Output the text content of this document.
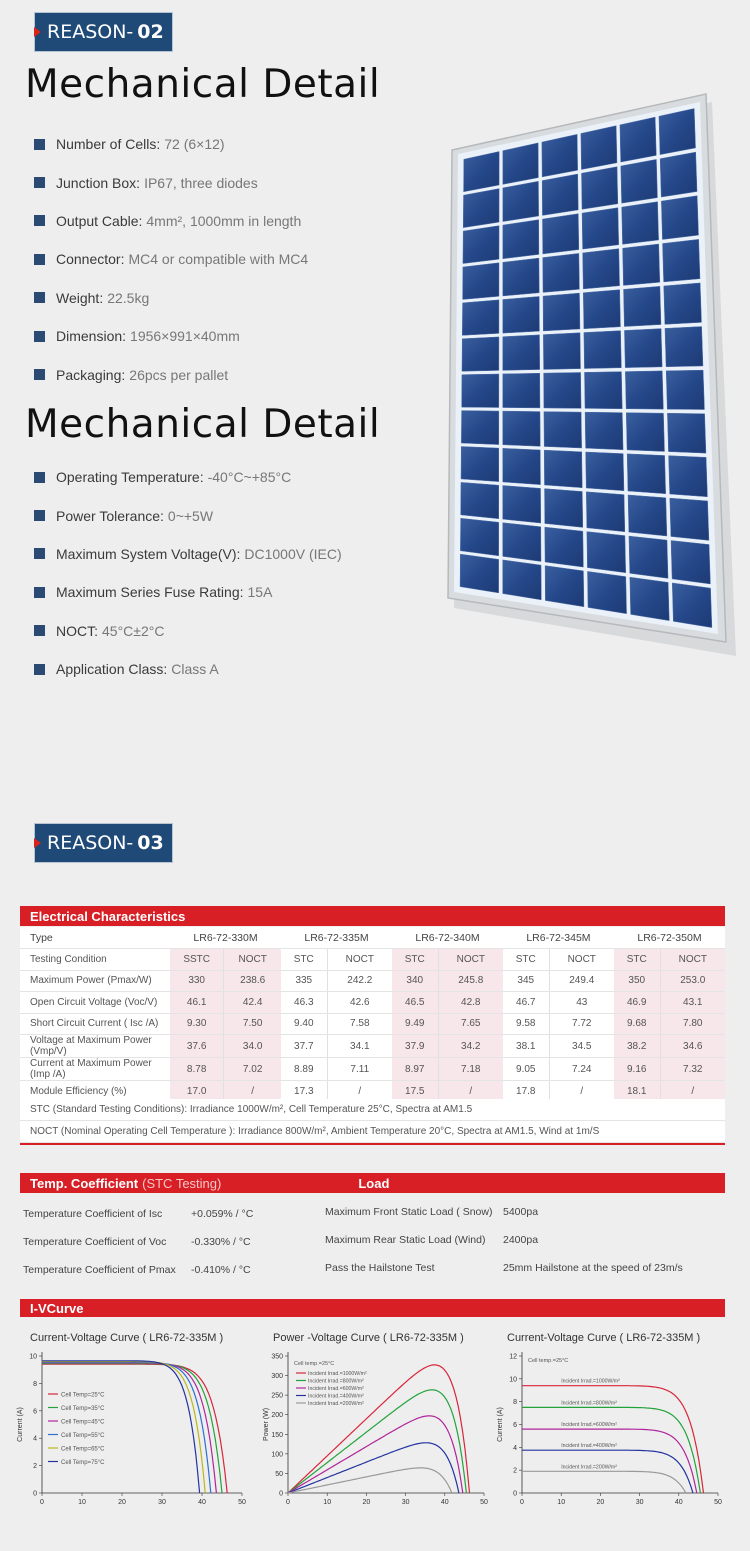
REASON- 02
Mechanical Detail
Number of Cells: 72 (6×12)
Junction Box: IP67, three diodes
Output Cable: 4mm², 1000mm in length
Connector: MC4 or compatible with MC4
Weight: 22.5kg
Dimension: 1956×991×40mm
Packaging: 26pcs per pallet
Mechanical Detail
Operating Temperature: -40°C~+85°C
Power Tolerance: 0~+5W
Maximum System Voltage(V): DC1000V (IEC)
Maximum Series Fuse Rating: 15A
NOCT: 45°C±2°C
Application Class: Class A
REASON- 03
Electrical Characteristics
Type	LR6-72-330M		LR6-72-335M		LR6-72-340M		LR6-72-345M		LR6-72-350M	
Testing Condition	SSTC	NOCT	STC	NOCT	STC	NOCT	STC	NOCT	STC	NOCT
Maximum Power (Pmax/W)	330	238.6	335	242.2	340	245.8	345	249.4	350	253.0
Open Circuit Voltage (Voc/V)	46.1	42.4	46.3	42.6	46.5	42.8	46.7	43	46.9	43.1
Short Circuit Current ( Isc /A)	9.30	7.50	9.40	7.58	9.49	7.65	9.58	7.72	9.68	7.80
Voltage at Maximum Power (Vmp/V)	37.6	34.0	37.7	34.1	37.9	34.2	38.1	34.5	38.2	34.6
Current at Maximum Power (Imp /A)	8.78	7.02	8.89	7.11	8.97	7.18	9.05	7.24	9.16	7.32
Module Efficiency (%)	17.0	/	17.3	/	17.5	/	17.8	/	18.1	/
STC (Standard Testing Conditions): Irradiance 1000W/m², Cell Temperature 25°C, Spectra at AM1.5
NOCT (Nominal Operating Cell Temperature ): Irradiance 800W/m², Ambient Temperature 20°C, Spectra at AM1.5, Wind at 1m/S
Temp. Coefficient (STC Testing)	Load
Temperature Coefficient of Isc	+0.059% / °C
Temperature Coefficient of Voc -0.330% / °C
Temperature Coefficient of Pmax -0.410% / °C
Maximum Front Static Load ( Snow) 5400pa
Maximum Rear Static Load (Wind) 2400pa
Pass the Hailstone Test	25mm Hailstone at the speed of 23m/s
I-VCurve
Current-Voltage Curve ( LR6-72-335M )	Power -Voltage Curve ( LR6-72-335M )	Current-Voltage Curve ( LR6-72-335M )
0	10	20	30	40	50
0
2
4
6
8
10
Current (A)
Cell Temp=25°C
Cell Temp=35°C
Cell Temp=45°C
Cell Temp=55°C
Cell Temp=65°C
Cell Temp=75°C
0	10	20	30	40	50
0
50
100
150
200
250
300
350
Power (W)
Cell temp.=25°C
Incident Irrad.=1000W/m²
Incident Irrad.=800W/m²
Incident Irrad.=600W/m²
Incident Irrad.=400W/m²
Incident Irrad.=200W/m²
0	10	20	30	40	50
0
2
4
6
8
10
12
Current (A)
Cell temp.=25°C
Incident Irrad.=1000W/m²
Incident Irrad.=800W/m²
Incident Irrad.=600W/m²
Incident Irrad.=400W/m²
Incident Irrad.=200W/m²
